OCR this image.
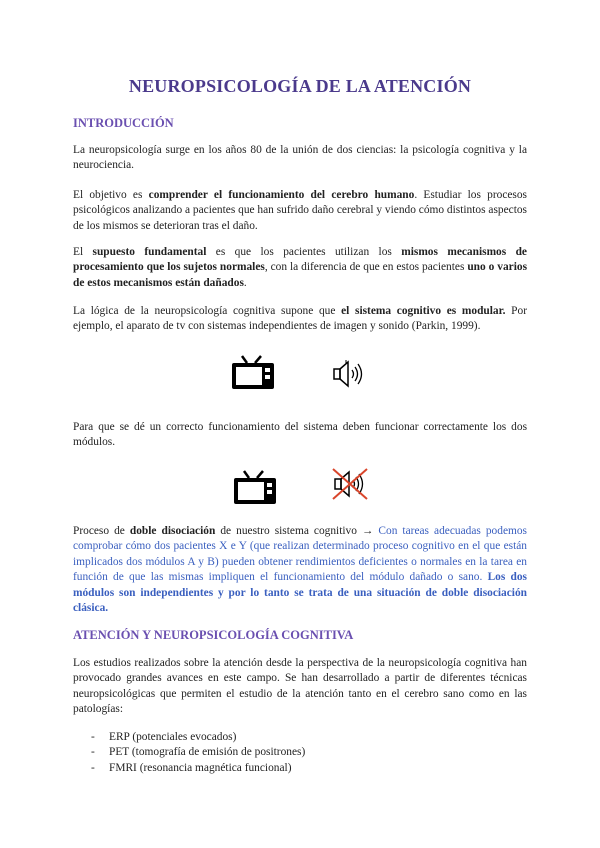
NEUROPSICOLOGÍA DE LA ATENCIÓN
INTRODUCCIÓN

La neuropsicología surge en los años 80 de la unión de dos ciencias: la psicología cognitiva y la neurociencia.

El objetivo es comprender el funcionamiento del cerebro humano. Estudiar los procesos psicológicos analizando a pacientes que han sufrido daño cerebral y viendo cómo distintos aspectos de los mismos se deterioran tras el daño.

El supuesto fundamental es que los pacientes utilizan los mismos mecanismos de procesamiento que los sujetos normales, con la diferencia de que en estos pacientes uno o varios de estos mecanismos están dañados.

La lógica de la neuropsicología cognitiva supone que el sistema cognitivo es modular. Por ejemplo, el aparato de tv con sistemas independientes de imagen y sonido (Parkin, 1999).

Para que se dé un correcto funcionamiento del sistema deben funcionar correctamente los dos módulos.

Proceso de doble disociación de nuestro sistema cognitivo → Con tareas adecuadas podemos comprobar cómo dos pacientes X e Y (que realizan determinado proceso cognitivo en el que están implicados dos módulos A y B) pueden obtener rendimientos deficientes o normales en la tarea en función de que las mismas impliquen el funcionamiento del módulo dañado o sano. Los dos módulos son independientes y por lo tanto se trata de una situación de doble disociación clásica.

ATENCIÓN Y NEUROPSICOLOGÍA COGNITIVA

Los estudios realizados sobre la atención desde la perspectiva de la neuropsicología cognitiva han provocado grandes avances en este campo. Se han desarrollado a partir de diferentes técnicas neuropsicológicas que permiten el estudio de la atención tanto en el cerebro sano como en las patologías:

- ERP (potenciales evocados)
- PET (tomografía de emisión de positrones)
- FMRI (resonancia magnética funcional)
